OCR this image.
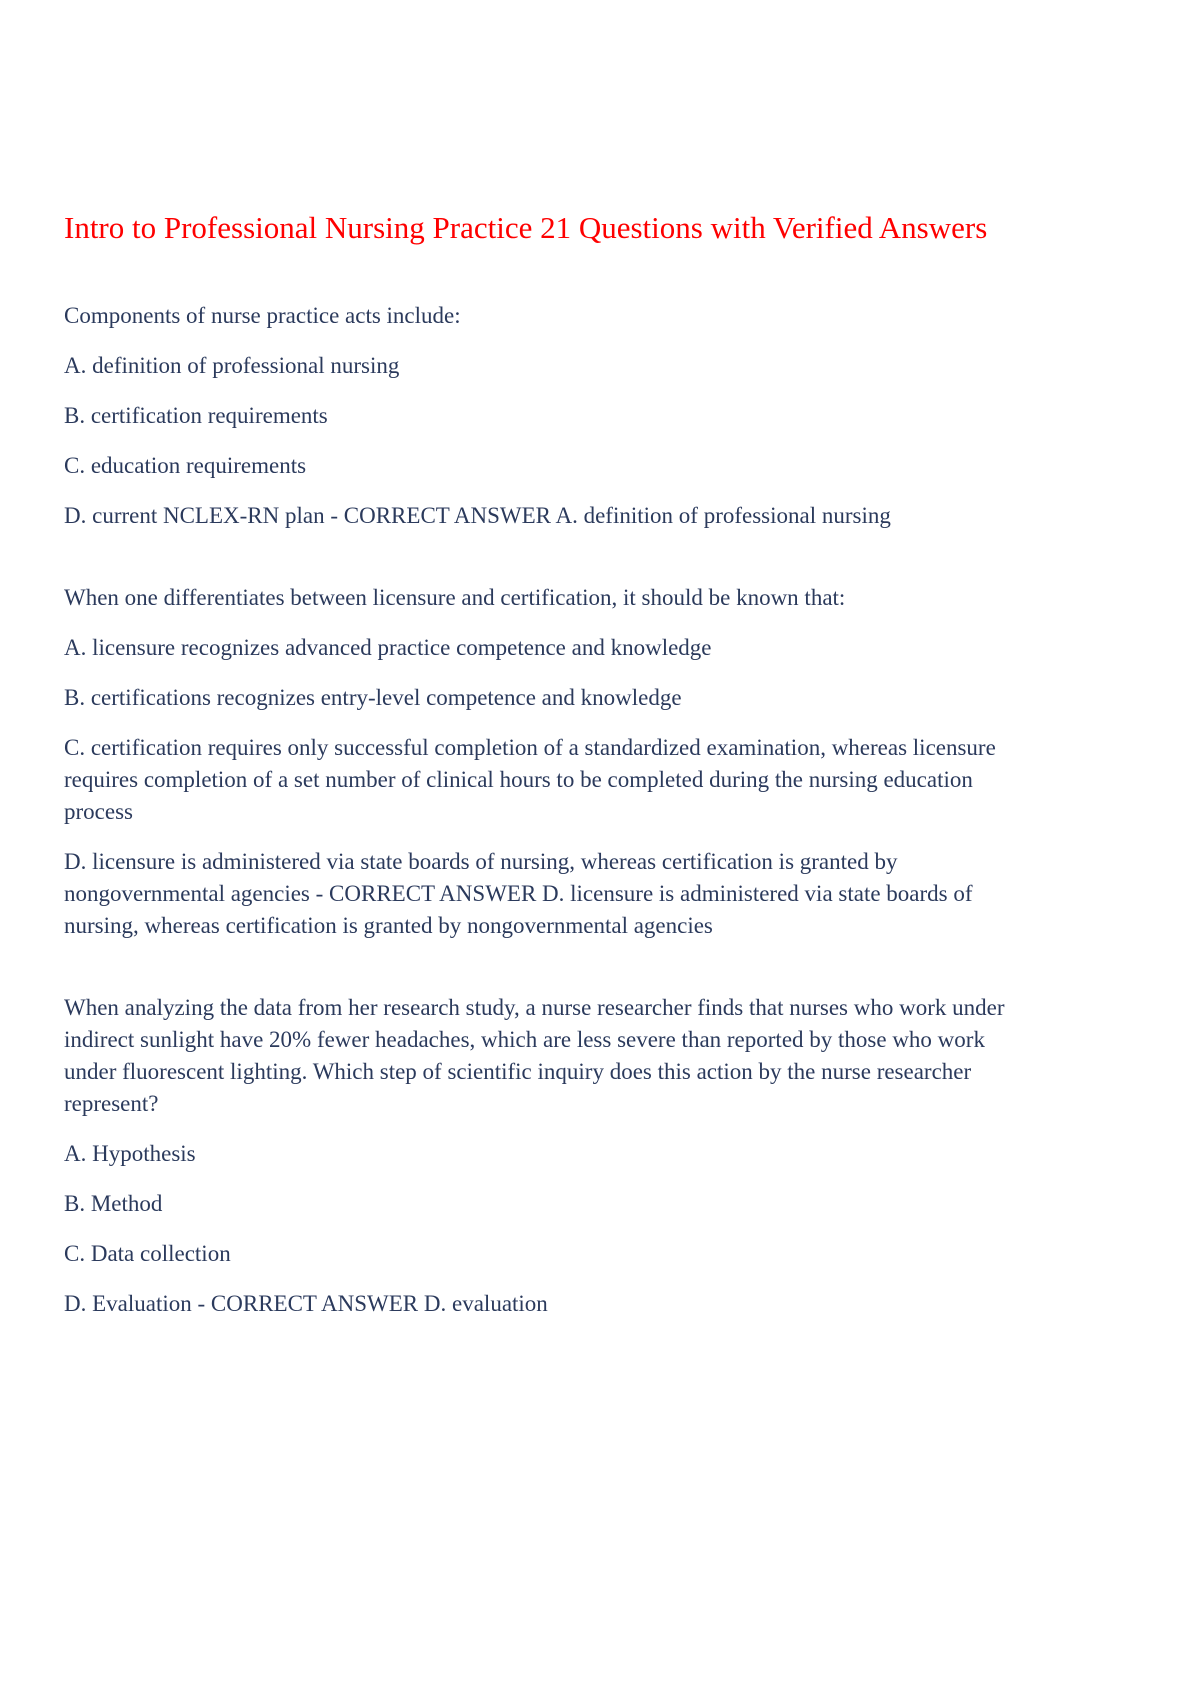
Intro to Professional Nursing Practice 21 Questions with Verified Answers

Components of nurse practice acts include:

A. definition of professional nursing

B. certification requirements

C. education requirements

D. current NCLEX-RN plan - CORRECT ANSWER A. definition of professional nursing

When one differentiates between licensure and certification, it should be known that:

A. licensure recognizes advanced practice competence and knowledge

B. certifications recognizes entry-level competence and knowledge

C. certification requires only successful completion of a standardized examination, whereas licensure requires completion of a set number of clinical hours to be completed during the nursing education process

D. licensure is administered via state boards of nursing, whereas certification is granted by nongovernmental agencies - CORRECT ANSWER D. licensure is administered via state boards of nursing, whereas certification is granted by nongovernmental agencies

When analyzing the data from her research study, a nurse researcher finds that nurses who work under indirect sunlight have 20% fewer headaches, which are less severe than reported by those who work under fluorescent lighting. Which step of scientific inquiry does this action by the nurse researcher represent?

A. Hypothesis

B. Method

C. Data collection

D. Evaluation - CORRECT ANSWER D. evaluation
